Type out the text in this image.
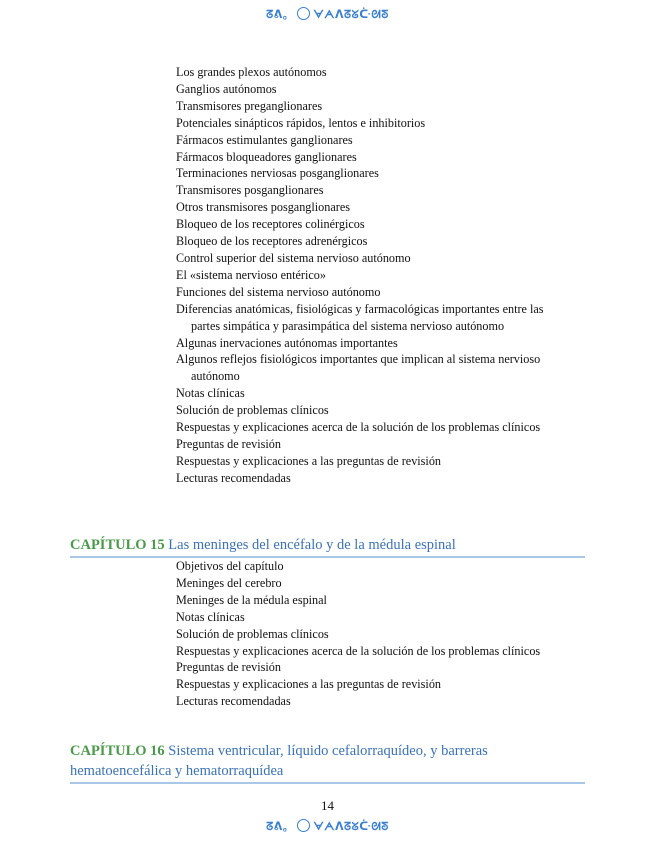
ᘔᕕ。 ᗄᗅᐱᘔᘜᑤᘛᘕ
Los grandes plexos autónomos
Ganglios autónomos
Transmisores preganglionares
Potenciales sinápticos rápidos, lentos e inhibitorios
Fármacos estimulantes ganglionares
Fármacos bloqueadores ganglionares
Terminaciones nerviosas posganglionares
Transmisores posganglionares
Otros transmisores posganglionares
Bloqueo de los receptores colinérgicos
Bloqueo de los receptores adrenérgicos
Control superior del sistema nervioso autónomo
El «sistema nervioso entérico»
Funciones del sistema nervioso autónomo
Diferencias anatómicas, fisiológicas y farmacológicas importantes entre las partes simpática y parasimpática del sistema nervioso autónomo
Algunas inervaciones autónomas importantes
Algunos reflejos fisiológicos importantes que implican al sistema nervioso autónomo
Notas clínicas
Solución de problemas clínicos
Respuestas y explicaciones acerca de la solución de los problemas clínicos
Preguntas de revisión
Respuestas y explicaciones a las preguntas de revisión
Lecturas recomendadas
CAPÍTULO 15 Las meninges del encéfalo y de la médula espinal
Objetivos del capítulo
Meninges del cerebro
Meninges de la médula espinal
Notas clínicas
Solución de problemas clínicos
Respuestas y explicaciones acerca de la solución de los problemas clínicos
Preguntas de revisión
Respuestas y explicaciones a las preguntas de revisión
Lecturas recomendadas
CAPÍTULO 16 Sistema ventricular, líquido cefalorraquídeo, y barreras hematoencefálica y hematorraquídea
14
ᘔᕕ。 ᗄᗅᐱᘔᘜᑤᘛᘕ
